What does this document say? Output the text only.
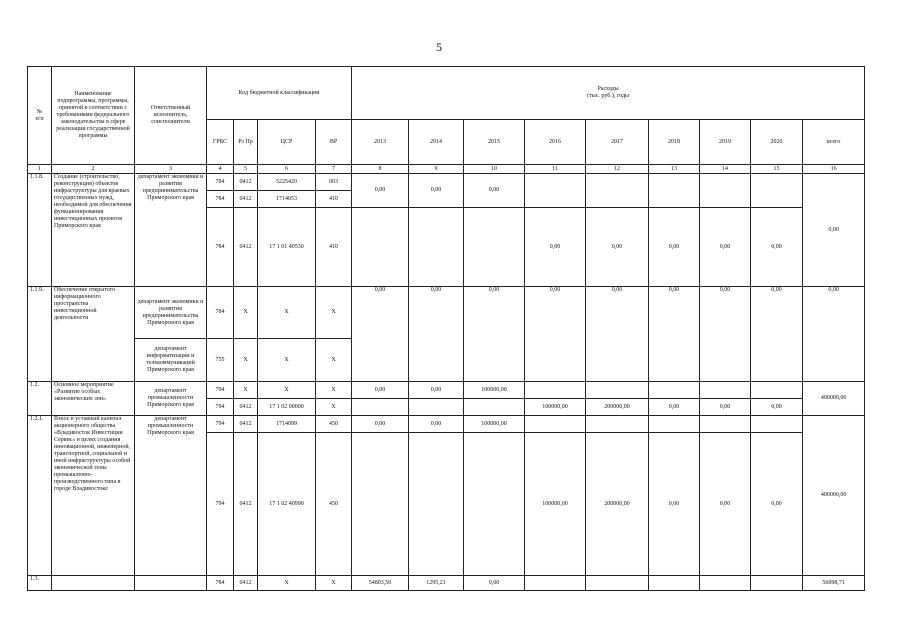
5
№
п/п	Наименование подпрограммы, программы, принятой в соответствии с требованиями федерального законодательства в сфере реализации государственной программы	Ответственный исполнитель, соисполнители	Код бюджетной классификации				Расходы
(тыс. руб.), годы								
			ГРБС	Рз Пр	ЦСР	ВР	2013	2014	2015	2016	2017	2018	2019	2020	всего
1	2	3	4	5	6	7	8	9	10	11	12	13	14	15	16
1.1.8.	Создание (строительство, реконструкция) объектов инфраструктуры для краевых государственных нужд, необходимой для обеспечения функционирования инвестиционных проектов Приморского края	департамент экономики и развития предпринимательства Приморского края	784	0412	5225420	003	0,00	0,00	0,00						0,00
			784	0412	1714053	410									
			784	0412	17 1 01 40530	410				0,00	0,00	0,00	0,00	0,00	
1.1.9.	Обеспечение открытого информационного пространства инвестиционной деятельности	департамент экономики и развития предпринимательства Приморского края	784	Х	Х	Х	0,00	0,00	0,00	0,00	0,00	0,00	0,00	0,00	0,00
		департамент информатизации и телекоммуникаций Приморского края	755	Х	Х	Х									
1.2.	Основное мероприятие «Развитие особых экономических зон»	департамент промышленности Приморского края	794	Х	Х	Х	0,00	0,00	100000,00						400000,00
			794	0412	17 1 02 00000	Х				100000,00	200000,00	0,00	0,00	0,00	
1.2.1.	Взнос в уставный капитал акционерного общества «Владивосток Инвестиции Сервис» в целях создания инновационной, инженерной, транспортной, социальной и иной инфраструктуры особой экономической зоны промышленно-производственного типа в городе Владивостоке	департамент промышленности Приморского края	794	0412	1714099	450	0,00	0,00	100000,00						400000,00
			794	0412	17 1 02 40990	450				100000,00	200000,00	0,00	0,00	0,00	
1.3.			784	0412	Х	Х	54803,50	1295,21	0,00						56098,71
